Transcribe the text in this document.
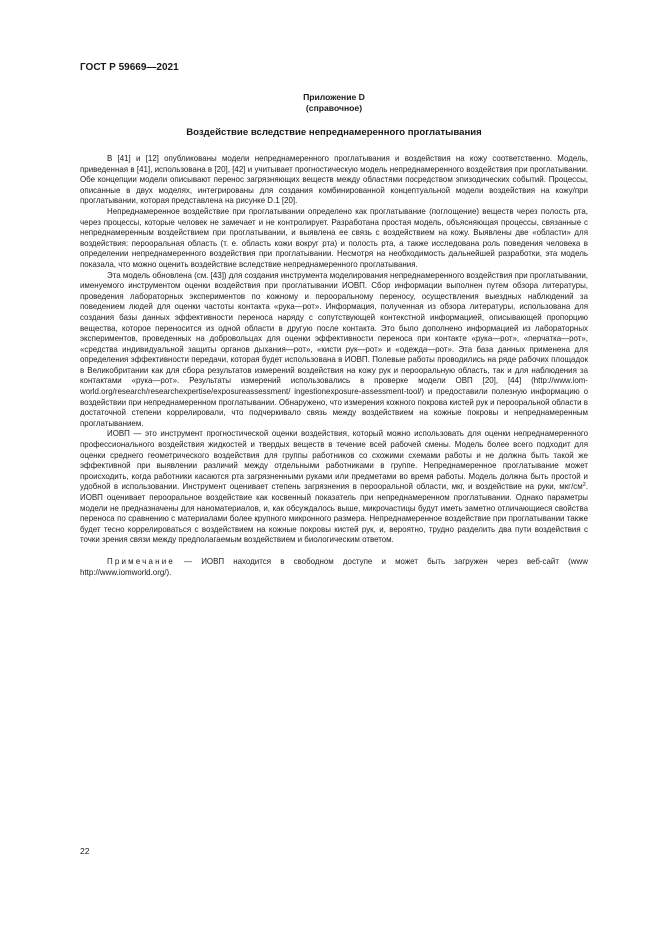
ГОСТ Р 59669—2021
Приложение D
(справочное)
Воздействие вследствие непреднамеренного проглатывания

В [41] и [12] опубликованы модели непреднамеренного проглатывания и воздействия на кожу соответственно. Модель, приведенная в [41], использована в [20], [42] и учитывает прогностическую модель непреднамеренного воздействия при проглатывании. Обе концепции модели описывают перенос загрязняющих веществ между областями посредством эпизодических событий. Процессы, описанные в двух моделях, интегрированы для создания комбинированной концептуальной модели воздействия на кожу/при проглатывании, которая представлена на рисунке D.1 [20].

Непреднамеренное воздействие при проглатывании определено как проглатывание (поглощение) веществ через полость рта, через процессы, которые человек не замечает и не контролирует. Разработана простая модель, объясняющая процессы, связанные с непреднамеренным воздействием при проглатывании, и выявлена ее связь с воздействием на кожу. Выявлены две «области» для воздействия: перооральная область (т. е. область кожи вокруг рта) и полость рта, а также исследована роль поведения человека в определении непреднамеренного воздействия при проглатывании. Несмотря на необходимость дальнейшей разработки, эта модель показала, что можно оценить воздействие вследствие непреднамеренного проглатывания.

Эта модель обновлена (см. [43]) для создания инструмента моделирования непреднамеренного воздействия при проглатывании, именуемого инструментом оценки воздействия при проглатывании ИОВП. Сбор информации выполнен путем обзора литературы, проведения лабораторных экспериментов по кожному и перооральному переносу, осуществления выездных наблюдений за поведением людей для оценки частоты контакта «рука—рот». Информация, полученная из обзора литературы, использована для создания базы данных эффективности переноса наряду с сопутствующей контекстной информацией, описывающей пропорцию вещества, которое переносится из одной области в другую после контакта. Это было дополнено информацией из лабораторных экспериментов, проведенных на добровольцах для оценки эффективности переноса при контакте «рука—рот», «перчатка—рот», «средства индивидуальной защиты органов дыхания—рот», «кисти рук—рот» и «одежда—рот». Эта база данных применена для определения эффективности передачи, которая будет использована в ИОВП. Полевые работы проводились на ряде рабочих площадок в Великобритании как для сбора результатов измерений воздействия на кожу рук и перооральную область, так и для наблюдения за контактами «рука—рот». Результаты измерений использовались в проверке модели ОВП [20], [44] (http://www.iom-world.org/research/researchexpertise/exposureassessment/ ingestionexposure-assessment-tool/) и предоставили полезную информацию о воздействии при непреднамеренном проглатывании. Обнаружено, что измерения кожного покрова кистей рук и перооральной области в достаточной степени коррелировали, что подчеркивало связь между воздействием на кожные покровы и непреднамеренным проглатыванием.

ИОВП — это инструмент прогностической оценки воздействия, который можно использовать для оценки непреднамеренного профессионального воздействия жидкостей и твердых веществ в течение всей рабочей смены. Модель более всего подходит для оценки среднего геометрического воздействия для группы работников со схожими схемами работы и не должна быть такой же эффективной при выявлении различий между отдельными работниками в группе. Непреднамеренное проглатывание может происходить, когда работники касаются рта загрязненными руками или предметами во время работы. Модель должна быть простой и удобной в использовании. Инструмент оценивает степень загрязнения в перооральной области, мкг, и воздействие на руки, мкг/$см^2$. ИОВП оценивает перооральное воздействие как косвенный показатель при непреднамеренном проглатывании. Однако параметры модели не предназначены для наноматериалов, и, как обсуждалось выше, микрочастицы будут иметь заметно отличающиеся свойства переноса по сравнению с материалами более крупного микронного размера. Непреднамеренное воздействие при проглатывании также будет тесно коррелироваться с воздействием на кожные покровы кистей рук, и, вероятно, трудно разделить два пути воздействия с точки зрения связи между предполагаемым воздействием и биологическим ответом.

Примечание — ИОВП находится в свободном доступе и может быть загружен через веб-сайт (www http://www.iomworld.org/).

22
